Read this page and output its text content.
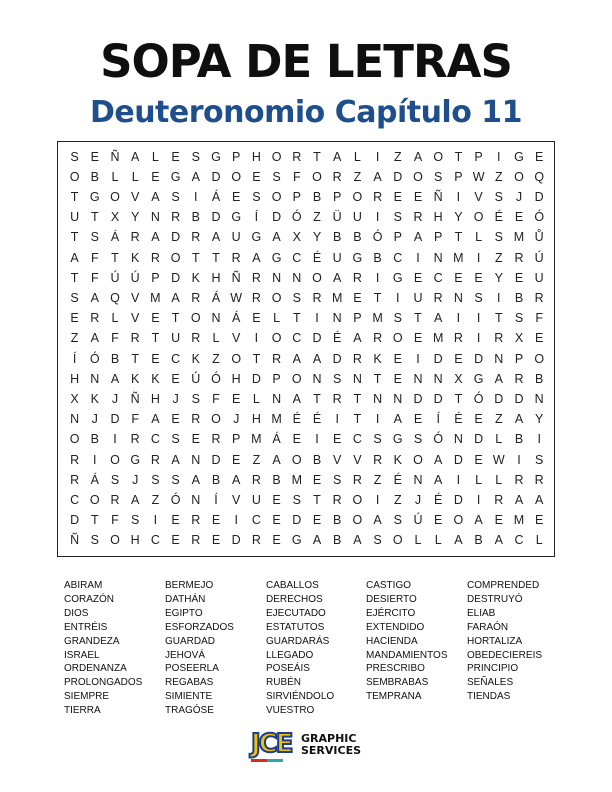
SOPA DE LETRAS
Deuteronomio Capítulo 11
S E Ñ A	L	E S G P H O R T A	L	I	Z A O T P	I	G E
O B	L	L	E G A D O E S F O R Z A D O S P W Z O Q
T G O V A S	I	Á E S O P B P O R E E Ñ	I	V S	J	D
U T X Y N R B D G	Í	D Ó Z Ü U	I	S R H Y O É E Ó
T S Á R A D R A U G A X Y B B Ó P A P T	L	S M Ů
A F	T K R O T	T R A G C É U G B C	I	N M	I	Z R Ú
T	F Ú Ú P D K H Ñ R N N O A R	I	G E C E E Y E U
S A Q V M A R Á W R O S R M E T	I	U R N S	I	B R
E R L	V E T O N Á E	L	T	I	N P M S T A	I	I	T S F
Z A F R T U R L	V	I	O C D É A R O E M R	I	R X E
Í	Ó B T E C K Z O T R A A D R K E	I	D E D N P O
H N A K K E Ú Ó H D P O N S N T E N N X G A R B
X K	J	Ñ H	J	S F E	L N A T R T N N D D T Ó D D N
N	J	D F A E R O J	H M É É	I	T	I	A E	Í	É E Z A Y
O B	I	R C S E R P M Á E	I	E C S G S Ó N D L	B	I
R	I	O G R A N D E Z A O B V V R K O A D E W	I	S
R Á S	J	S S A B A R B M E S R Z É N A	I	L	L R R
C O R A Z Ó N	Í	V U E S T R O	I	Z	J	É D	I	R A A
D T	F S	I	E R E	I	C E D E B O A S Ú E O A E M E
Ñ S O H C E R E D R E G A B A S O L	L	A B A C L
ABIRAM
CORAZÓN
DIOS
ENTRÉIS
GRANDEZA
ISRAEL
ORDENANZA
PROLONGADOS
SIEMPRE
TIERRA
BERMEJO
DATHÁN
EGIPTO
ESFORZADOS
GUARDAD
JEHOVÁ
POSEERLA
REGABAS
SIMIENTE
TRAGÓSE
CABALLOS
DERECHOS
EJECUTADO
ESTATUTOS
GUARDARÁS
LLEGADO
POSEÁIS
RUBÉN
SIRVIÉNDOLO
VUESTRO
CASTIGO
DESIERTO
EJÉRCITO
EXTENDIDO
HACIENDA
MANDAMIENTOS
PRESCRIBO
SEMBRABAS
TEMPRANA
COMPRENDED
DESTRUYÓ
ELIAB
FARAÓN
HORTALIZA
OBEDECIEREIS
PRINCIPIO
SEÑALES
TIENDAS
JCE GRAPHIC
SERVICES
